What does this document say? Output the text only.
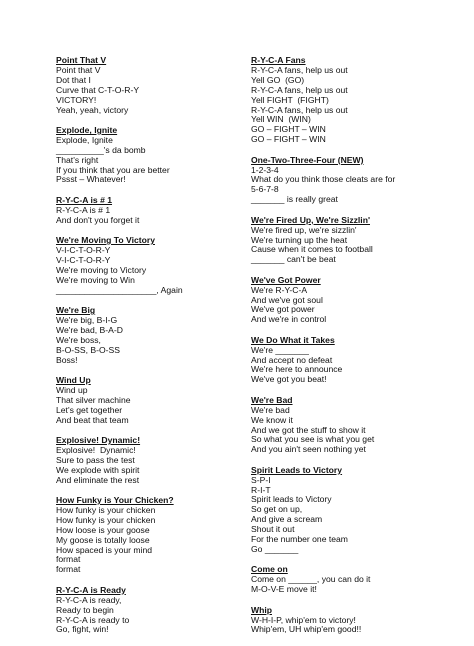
Point That V
Point that V
Dot that I
Curve that C-T-O-R-Y
VICTORY!
Yeah, yeah, victory
Explode, Ignite
Explode, Ignite
__________'s da bomb
That's right
If you think that you are better
Pssst – Whatever!
R-Y-C-A is # 1
R-Y-C-A is # 1
And don't you forget it
We're Moving To Victory
V-I-C-T-O-R-Y
V-I-C-T-O-R-Y
We're moving to Victory
We're moving to Win
_____________________, Again
We're Big
We're big, B-I-G
We're bad, B-A-D
We're boss,
B-O-SS, B-O-SS
Boss!
Wind Up
Wind up
That silver machine
Let's get together
And beat that team
Explosive! Dynamic!
Explosive!  Dynamic!
Sure to pass the test
We explode with spirit
And eliminate the rest
How Funky is Your Chicken?
How funky is your chicken
How funky is your chicken
How loose is your goose
My goose is totally loose
How spaced is your mind
format
format
R-Y-C-A is Ready
R-Y-C-A is ready,
Ready to begin
R-Y-C-A is ready to
Go, fight, win!
R-Y-C-A Fans
R-Y-C-A fans, help us out
Yell GO  (GO)
R-Y-C-A fans, help us out
Yell FIGHT  (FIGHT)
R-Y-C-A fans, help us out
Yell WIN  (WIN)
GO – FIGHT – WIN
GO – FIGHT – WIN
One-Two-Three-Four (NEW)
1-2-3-4
What do you think those cleats are for
5-6-7-8
_______ is really great
We're Fired Up, We're Sizzlin'
We're fired up, we're sizzlin'
We're turning up the heat
Cause when it comes to football
_______ can't be beat
We've Got Power
We're R-Y-C-A
And we've got soul
We've got power
And we're in control
We Do What it Takes
We're _______
And accept no defeat
We're here to announce
We've got you beat!
We're Bad
We're bad
We know it
And we got the stuff to show it
So what you see is what you get
And you ain't seen nothing yet
Spirit Leads to Victory
S-P-I
R-I-T
Spirit leads to Victory
So get on up,
And give a scream
Shout it out
For the number one team
Go _______
Come on
Come on ______, you can do it
M-O-V-E move it!
Whip
W-H-I-P, whip'em to victory!
Whip'em, UH whip'em good!!
